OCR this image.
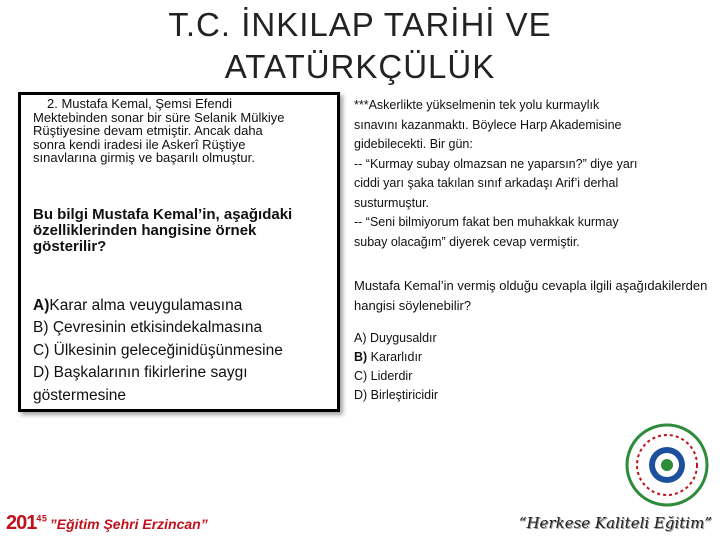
T.C. İNKILAP TARİHİ VE
ATATÜRKÇÜLÜK

2. Mustafa Kemal, Şemsi Efendi
Mektebinden sonar bir süre Selanik Mülkiye
Rüştiyesine devam etmiştir. Ancak daha
sonra kendi iradesi ile Askerî Rüştiye
sınavlarına girmiş ve başarılı olmuştur.

Bu bilgi Mustafa Kemal’in, aşağıdaki özelliklerinden hangisine örnek gösterilir?

A)Karar alma veuygulamasına
B) Çevresinin etkisindekalmasına
C) Ülkesinin geleceğinidüşünmesine
D) Başkalarının fikirlerine saygı göstermesine

***Askerlikte yükselmenin tek yolu kurmaylık

sınavını kazanmaktı. Böylece Harp Akademisine

gidebilecekti. Bir gün:

-- “Kurmay subay olmazsan ne yaparsın?” diye yarı

ciddi yarı şaka takılan sınıf arkadaşı Arif’i derhal

susturmuştur.

-- “Seni bilmiyorum fakat ben muhakkak kurmay

subay olacağım” diyerek cevap vermiştir.

Mustafa Kemal’in vermiş olduğu cevapla ilgili aşağıdakilerden hangisi söylenebilir?

A) Duygusaldır
B) Kararlıdır
C) Liderdir
D) Birleştiricidir
$201^{4 5}$ ”Eğitim Şehri Erzincan”	“Herkese Kaliteli Eğitim”
